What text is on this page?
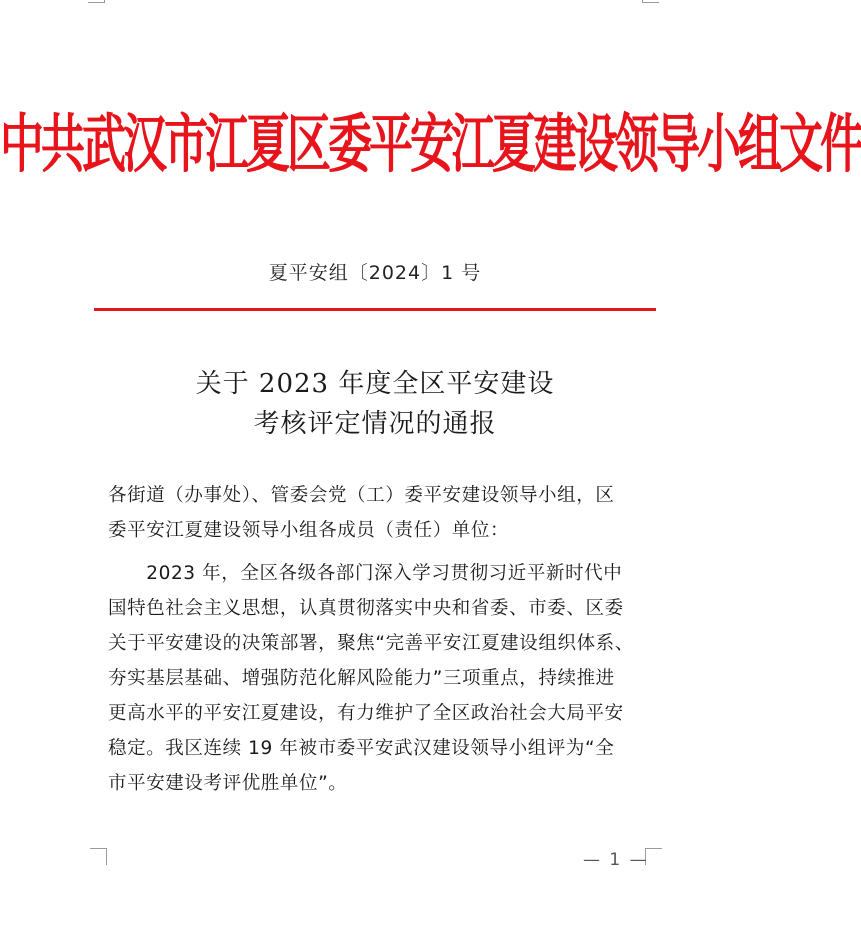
中共武汉市江夏区委平安江夏建设领导小组文件
夏平安组〔2024〕1 号
关于 2023 年度全区平安建设
考核评定情况的通报
各街道（办事处）、管委会党（工）委平安建设领导小组，区
委平安江夏建设领导小组各成员（责任）单位：
　　2023 年，全区各级各部门深入学习贯彻习近平新时代中
国特色社会主义思想，认真贯彻落实中央和省委、市委、区委
关于平安建设的决策部署，聚焦“完善平安江夏建设组织体系、
夯实基层基础、增强防范化解风险能力”三项重点，持续推进
更高水平的平安江夏建设，有力维护了全区政治社会大局平安
稳定。我区连续 19 年被市委平安武汉建设领导小组评为“全
市平安建设考评优胜单位”。
— 1 —
